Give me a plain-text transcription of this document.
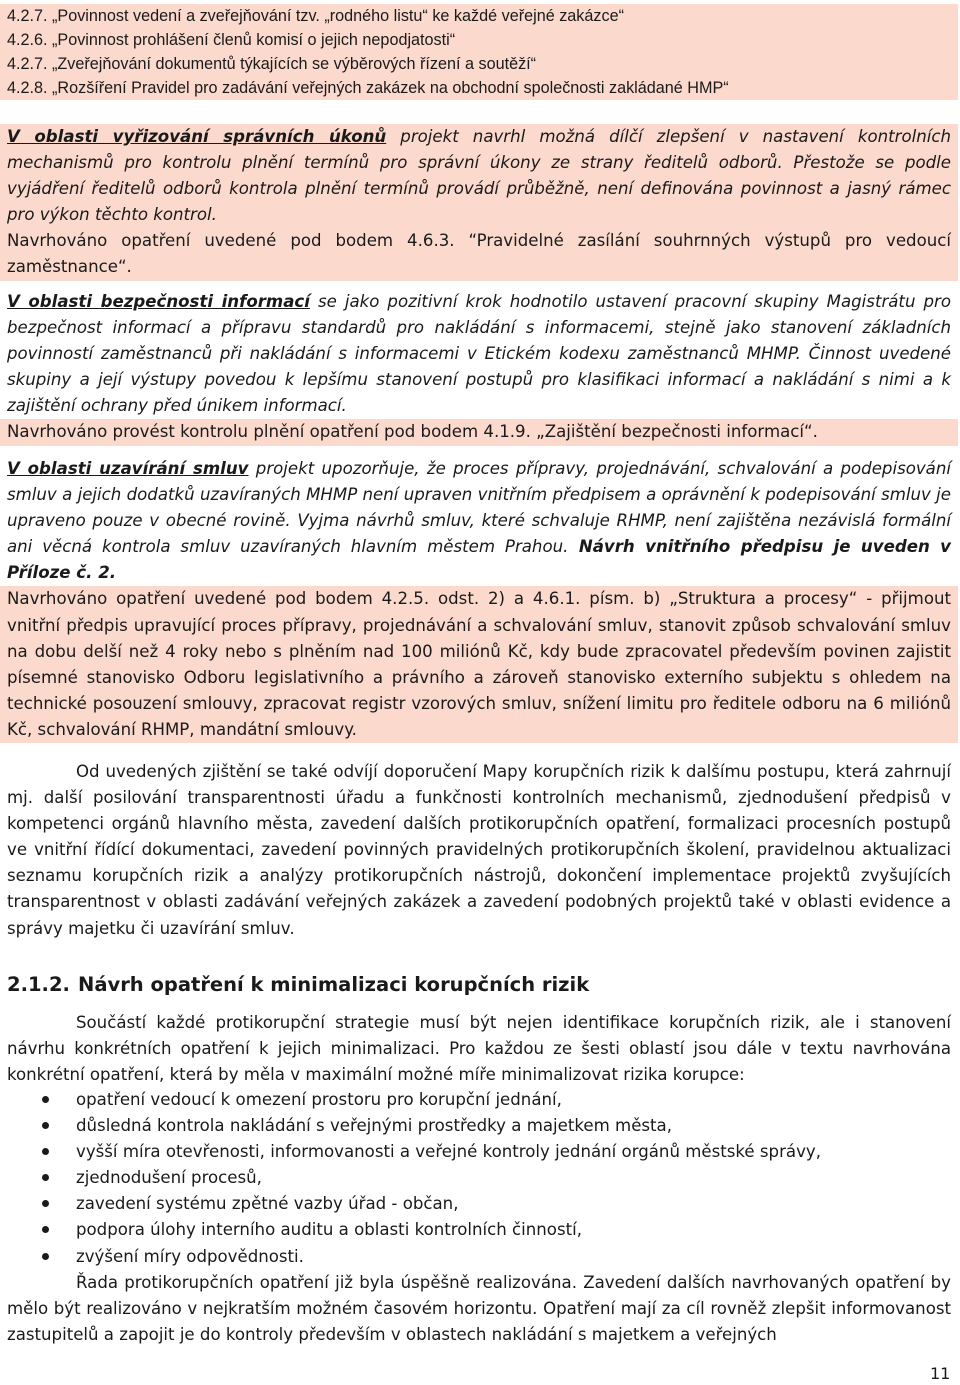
4.2.7. „Povinnost vedení a zveřejňování tzv. „rodného listu“ ke každé veřejné zakázce“
4.2.6. „Povinnost prohlášení členů komisí o jejich nepodjatosti“
4.2.7. „Zveřejňování dokumentů týkajících se výběrových řízení a soutěží“
4.2.8. „Rozšíření Pravidel pro zadávání veřejných zakázek na obchodní společnosti zakládané HMP“
V oblasti vyřizování správních úkonů projekt navrhl možná dílčí zlepšení v nastavení kontrolních mechanismů pro kontrolu plnění termínů pro správní úkony ze strany ředitelů odborů. Přestože se podle vyjádření ředitelů odborů kontrola plnění termínů provádí průběžně, není definována povinnost a jasný rámec pro výkon těchto kontrol.
Navrhováno opatření uvedené pod bodem 4.6.3. “Pravidelné zasílání souhrnných výstupů pro vedoucí zaměstnance“.
V oblasti bezpečnosti informací se jako pozitivní krok hodnotilo ustavení pracovní skupiny Magistrátu pro bezpečnost informací a přípravu standardů pro nakládání s informacemi, stejně jako stanovení základních povinností zaměstnanců při nakládání s informacemi v Etickém kodexu zaměstnanců MHMP. Činnost uvedené skupiny a její výstupy povedou k lepšímu stanovení postupů pro klasifikaci informací a nakládání s nimi a k zajištění ochrany před únikem informací.
Navrhováno provést kontrolu plnění opatření pod bodem 4.1.9. „Zajištění bezpečnosti informací“.
V oblasti uzavírání smluv projekt upozorňuje, že proces přípravy, projednávání, schvalování a podepisování smluv a jejich dodatků uzavíraných MHMP není upraven vnitřním předpisem a oprávnění k podepisování smluv je upraveno pouze v obecné rovině. Vyjma návrhů smluv, které schvaluje RHMP, není zajištěna nezávislá formální ani věcná kontrola smluv uzavíraných hlavním městem Prahou. Návrh vnitřního předpisu je uveden v Příloze č. 2.
Navrhováno opatření uvedené pod bodem 4.2.5. odst. 2) a 4.6.1. písm. b) „Struktura a procesy“ - přijmout vnitřní předpis upravující proces přípravy, projednávání a schvalování smluv, stanovit způsob schvalování smluv na dobu delší než 4 roky nebo s plněním nad 100 miliónů Kč, kdy bude zpracovatel především povinen zajistit písemné stanovisko Odboru legislativního a právního a zároveň stanovisko externího subjektu s ohledem na technické posouzení smlouvy, zpracovat registr vzorových smluv, snížení limitu pro ředitele odboru na 6 miliónů Kč, schvalování RHMP, mandátní smlouvy.
Od uvedených zjištění se také odvíjí doporučení Mapy korupčních rizik k dalšímu postupu, která zahrnují mj. další posilování transparentnosti úřadu a funkčnosti kontrolních mechanismů, zjednodušení předpisů v kompetenci orgánů hlavního města, zavedení dalších protikorupčních opatření, formalizaci procesních postupů ve vnitřní řídící dokumentaci, zavedení povinných pravidelných protikorupčních školení, pravidelnou aktualizaci seznamu korupčních rizik a analýzy protikorupčních nástrojů, dokončení implementace projektů zvyšujících transparentnost v oblasti zadávání veřejných zakázek a zavedení podobných projektů také v oblasti evidence a správy majetku či uzavírání smluv.
2.1.2. Návrh opatření k minimalizaci korupčních rizik
Součástí každé protikorupční strategie musí být nejen identifikace korupčních rizik, ale i stanovení návrhu konkrétních opatření k jejich minimalizaci. Pro každou ze šesti oblastí jsou dále v textu navrhována konkrétní opatření, která by měla v maximální možné míře minimalizovat rizika korupce:
opatření vedoucí k omezení prostoru pro korupční jednání,
důsledná kontrola nakládání s veřejnými prostředky a majetkem města,
vyšší míra otevřenosti, informovanosti a veřejné kontroly jednání orgánů městské správy,
zjednodušení procesů,
zavedení systému zpětné vazby úřad - občan,
podpora úlohy interního auditu a oblasti kontrolních činností,
zvýšení míry odpovědnosti.
Řada protikorupčních opatření již byla úspěšně realizována. Zavedení dalších navrhovaných opatření by mělo být realizováno v nejkratším možném časovém horizontu. Opatření mají za cíl rovněž zlepšit informovanost zastupitelů a zapojit je do kontroly především v oblastech nakládání s majetkem a veřejných
11
